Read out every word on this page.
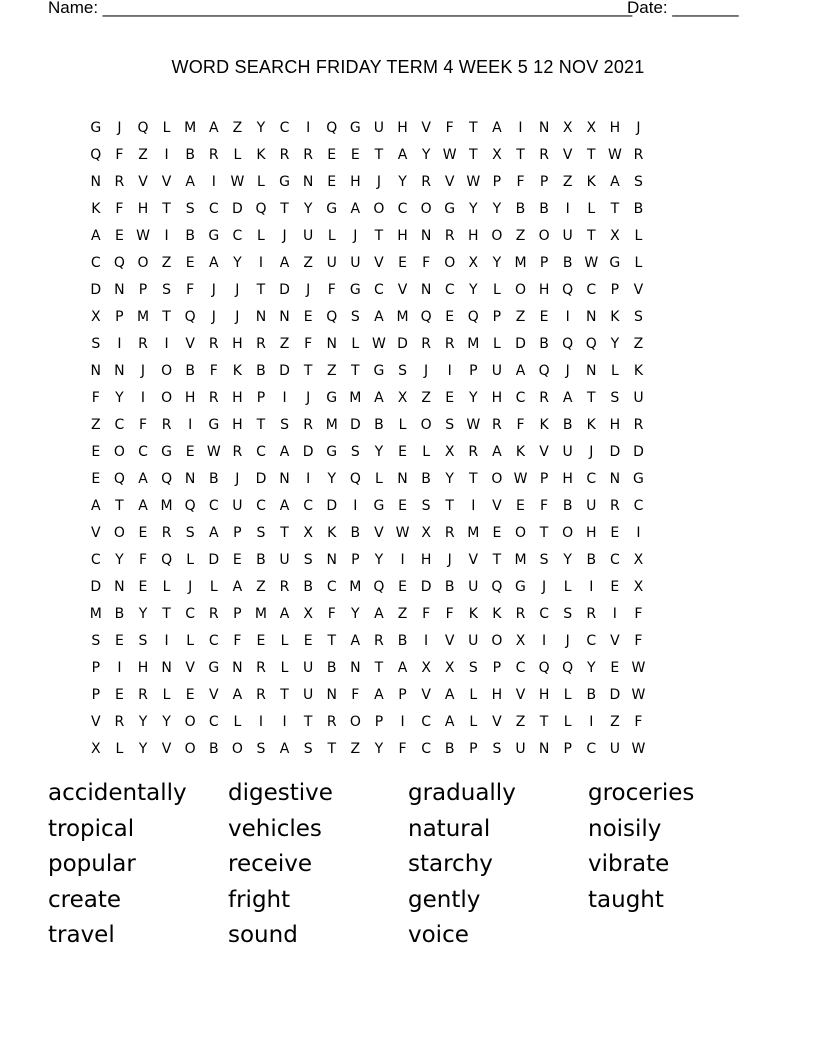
Name: ________________________________________________________
Date: _______
WORD SEARCH FRIDAY TERM 4 WEEK 5 12 NOV 2021
G	J	Q	L M A	Z	Y	C	I	Q G U H V	F	T	A	I	N X	X H	J
Q	F	Z	I	B R	L	K	R R	E	E	T	A	Y W T	X	T	R V	T W R
N R V	V	A	I	W L	G N E H	J	Y	R V W P	F	P	Z	K	A	S
K	F	H	T	S	C D Q T	Y G A O C O G Y	Y	B B	I	L	T	B
A	E W	I	B G C	L	J	U	L	J	T	H N R H O Z O U	T	X	L
C Q O Z	E	A	Y	I	A	Z U U V	E	F	O X	Y M P	B W G	L
D N	P	S	F	J	J	T D	J	F	G C V N C	Y	L	O H Q C	P	V
X	P M T Q	J	J	N N E Q S	A M Q E Q P	Z	E	I	N K	S
S	I	R	I	V R H R Z	F	N	L W D R R M L	D B Q Q Y	Z
N N	J	O B	F	K	B D T	Z	T G S	J	I	P	U A Q	J	N	L	K
F	Y	I	O H R H	P	I	J	G M A	X	Z	E	Y	H C R A	T	S	U
Z C	F	R	I	G H	T	S	R M D B	L	O S W R	F	K	B	K H R
E O C G E W R C A D G S	Y	E	L	X R A	K	V U	J	D D
E Q A Q N B	J	D N	I	Y Q	L	N B	Y	T O W P	H C N G
A	T	A M Q C U C A C D	I	G E	S	T	I	V	E	F	B U R C
V O E	R	S	A	P	S	T	X	K	B	V W X R M E O T O H E	I
C	Y	F	Q	L	D E	B U	S N	P	Y	I	H	J	V	T M S	Y	B C X
D N E	L	J	L	A	Z R B C M Q E D B U Q G	J	L	I	E	X
M B	Y	T	C R	P M A	X	F	Y	A	Z	F	F	K	K	R C	S	R	I	F
S	E	S	I	L	C	F	E	L	E	T	A R B	I	V U O X	I	J	C V	F
P	I	H N V G N R	L	U B N	T	A	X	X	S	P	C Q Q Y	E W
P	E	R	L	E	V	A R	T	U N	F	A	P	V	A	L	H V H	L	B D W
V R	Y	Y O C	L	I	I	T	R O P	I	C A	L	V	Z	T	L	I	Z	F
X	L	Y	V O B O S	A	S	T	Z	Y	F	C B	P	S	U N	P	C U W
accidentally	digestive	gradually	groceries
tropical	vehicles	natural	noisily
popular	receive	starchy	vibrate
create	fright	gently	taught
travel	sound	voice
